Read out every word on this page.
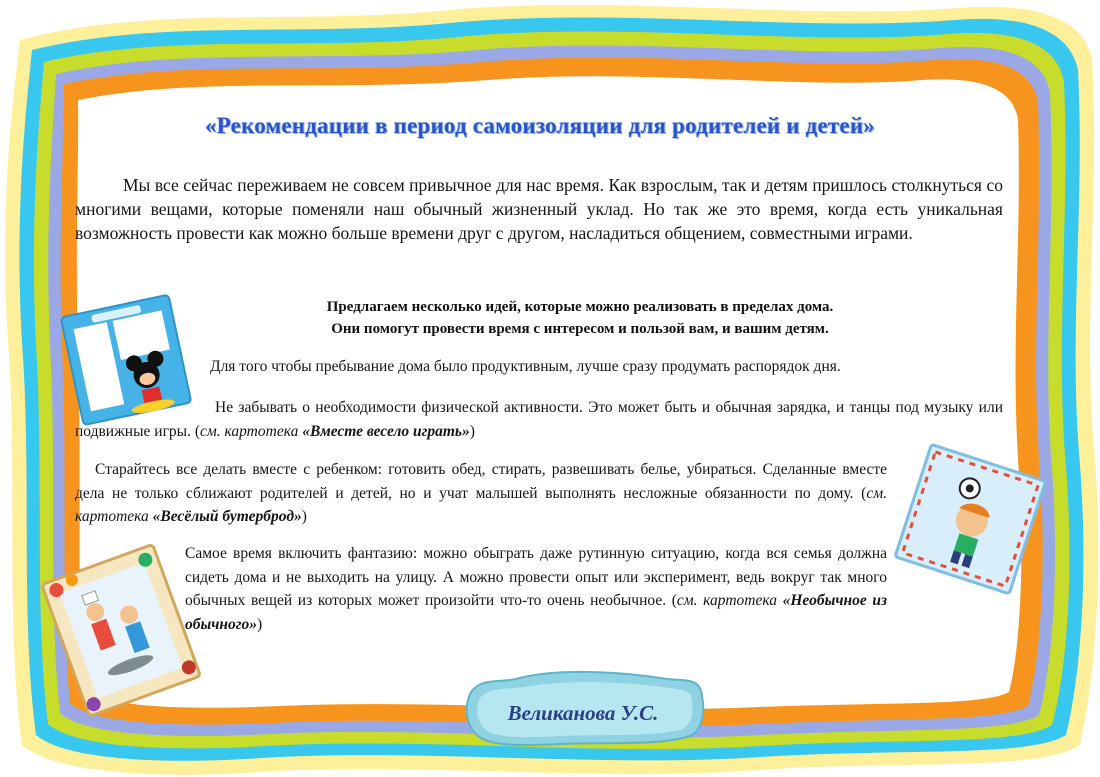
«Рекомендации в период самоизоляции для родителей и детей»

Мы все сейчас переживаем не совсем привычное для нас время. Как взрослым, так и детям пришлось столкнуться со многими вещами, которые поменяли наш обычный жизненный уклад. Но так же это время, когда есть уникальная возможность провести как можно больше времени друг с другом, насладиться общением, совместными играми.

Предлагаем несколько идей, которые можно реализовать в пределах дома.
Они помогут провести время с интересом и пользой вам, и вашим детям.

Для того чтобы пребывание дома было продуктивным, лучше сразу продумать распорядок дня.

Не забывать о необходимости физической активности. Это может быть и обычная зарядка, и танцы под музыку или подвижные игры. (см. картотека «Вместе весело играть»)

Старайтесь все делать вместе с ребенком: готовить обед, стирать, развешивать белье, убираться. Сделанные вместе дела не только сближают родителей и детей, но и учат малышей выполнять несложные обязанности по дому. (см. картотека «Весёлый бутерброд»)

Самое время включить фантазию: можно обыграть даже рутинную ситуацию, когда вся семья должна сидеть дома и не выходить на улицу. А можно провести опыт или эксперимент, ведь вокруг так много обычных вещей из которых может произойти что-то очень необычное. (см. картотека «Необычное из обычного»)

Великанова У.С.
